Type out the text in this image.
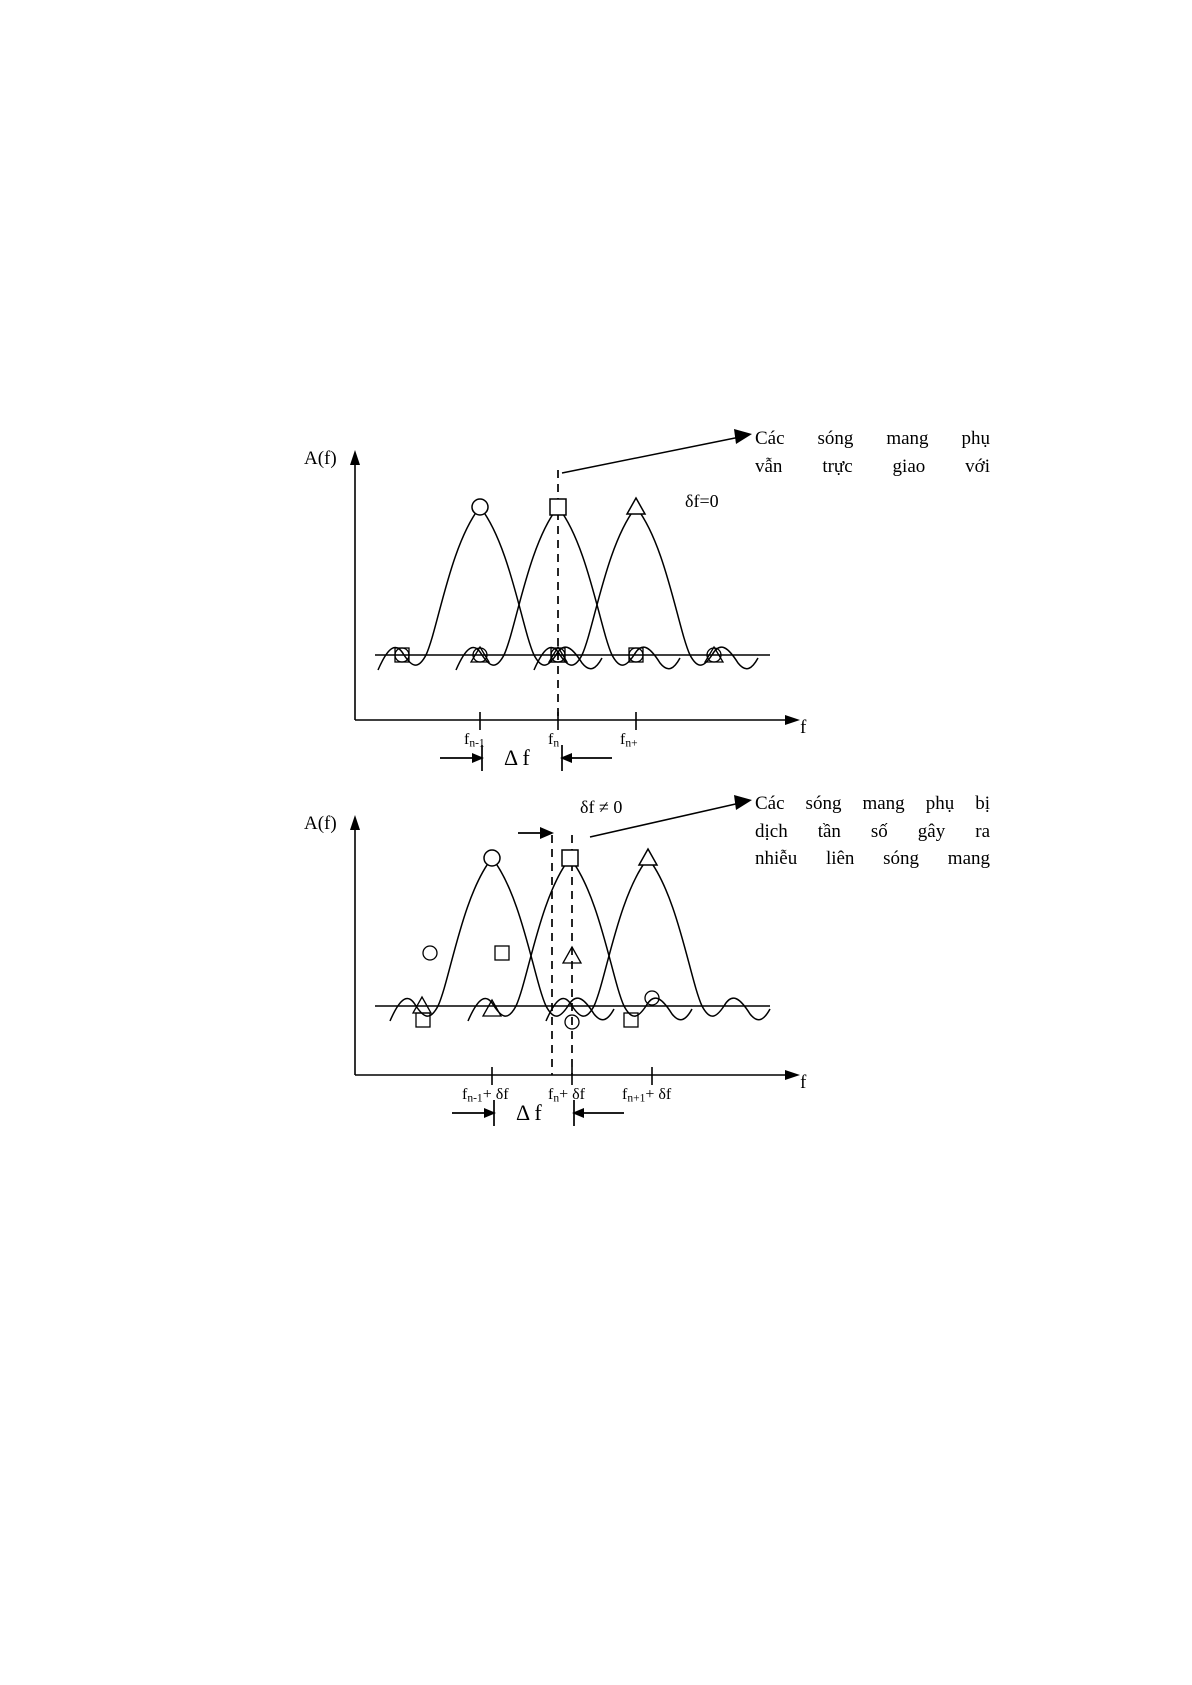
A(f)
f
$f_{n-1}$	$f_n$	$f_{n+}$
Δ f
δf=0
Các sóng mang phụ
vẫn trực giao với
A(f)
f
δf ≠ 0
$f_{n-1}+ \delta f$ $f_n+ \delta f$ $f_{n+1}+ \delta f$
Δ f
Các sóng mang phụ bị
dịch tần số gây ra
nhiễu liên sóng mang
